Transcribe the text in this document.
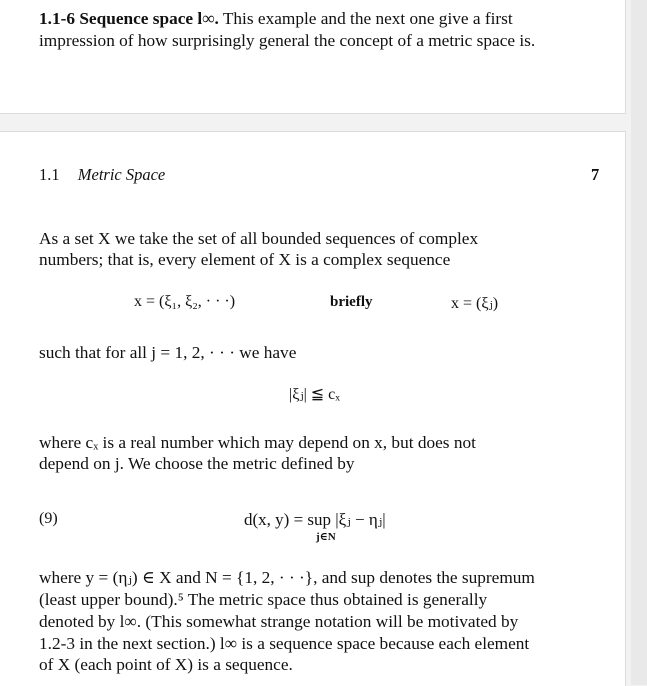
1.1-6 Sequence space l∞. This example and the next one give a first
impression of how surprisingly general the concept of a metric space is.
1.1 Metric Space	7
As a set X we take the set of all bounded sequences of complex
numbers; that is, every element of X is a complex sequence
x = (ξ₁, ξ₂, · · ·)	briefly	x = (ξⱼ)
such that for all j = 1, 2, · · · we have
|ξⱼ| ≦ cₓ
where cₓ is a real number which may depend on x, but does not
depend on j. We choose the metric defined by
(9)	d(x, y) = sup |ξⱼ − ηⱼ|
j∈N
where y = (ηⱼ) ∈ X and N = {1, 2, · · ·}, and sup denotes the supremum
(least upper bound).⁵ The metric space thus obtained is generally
denoted by l∞. (This somewhat strange notation will be motivated by
1.2-3 in the next section.) l∞ is a sequence space because each element
of X (each point of X) is a sequence.
